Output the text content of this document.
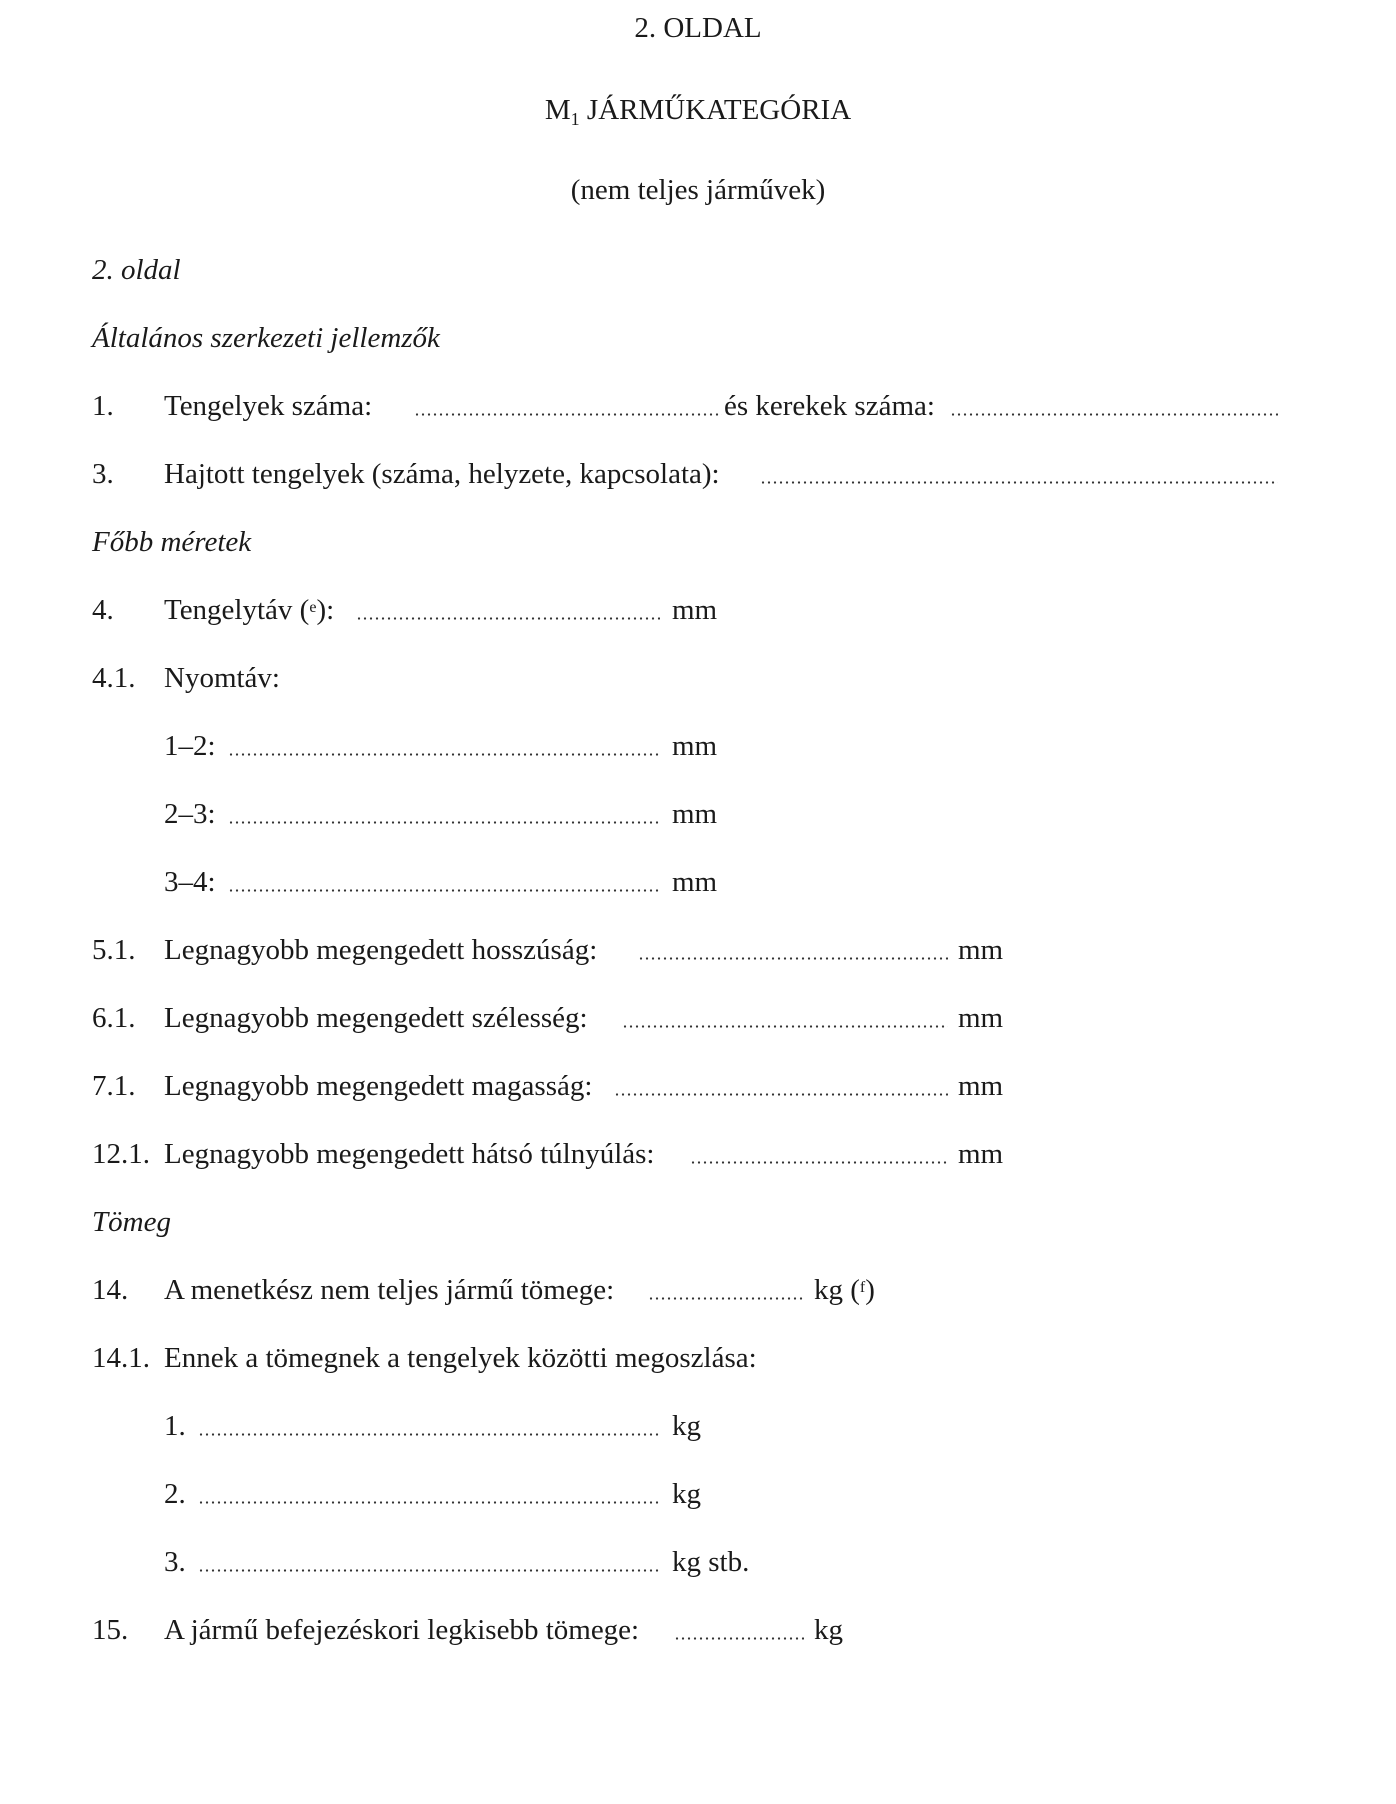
2. OLDAL
$M_1$ JÁRMŰKATEGÓRIA
(nem teljes járművek)
2. oldal
Általános szerkezeti jellemzők
1. Tengelyek száma:	és kerekek száma:
3. Hajtott tengelyek (száma, helyzete, kapcsolata):
Főbb méretek
4. Tengelytáv ($^e$):	mm
4.1. Nyomtáv:
1–2:	mm
2–3:	mm
3–4:	mm
5.1. Legnagyobb megengedett hosszúság:	mm
6.1. Legnagyobb megengedett szélesség:	mm
7.1. Legnagyobb megengedett magasság:	mm
12.1. Legnagyobb megengedett hátsó túlnyúlás:	mm
Tömeg
14. A menetkész nem teljes jármű tömege:	kg ($^f$)
14.1. Ennek a tömegnek a tengelyek közötti megoszlása:
1.	kg
2.	kg
3.	kg stb.
15. A jármű befejezéskori legkisebb tömege:	kg
